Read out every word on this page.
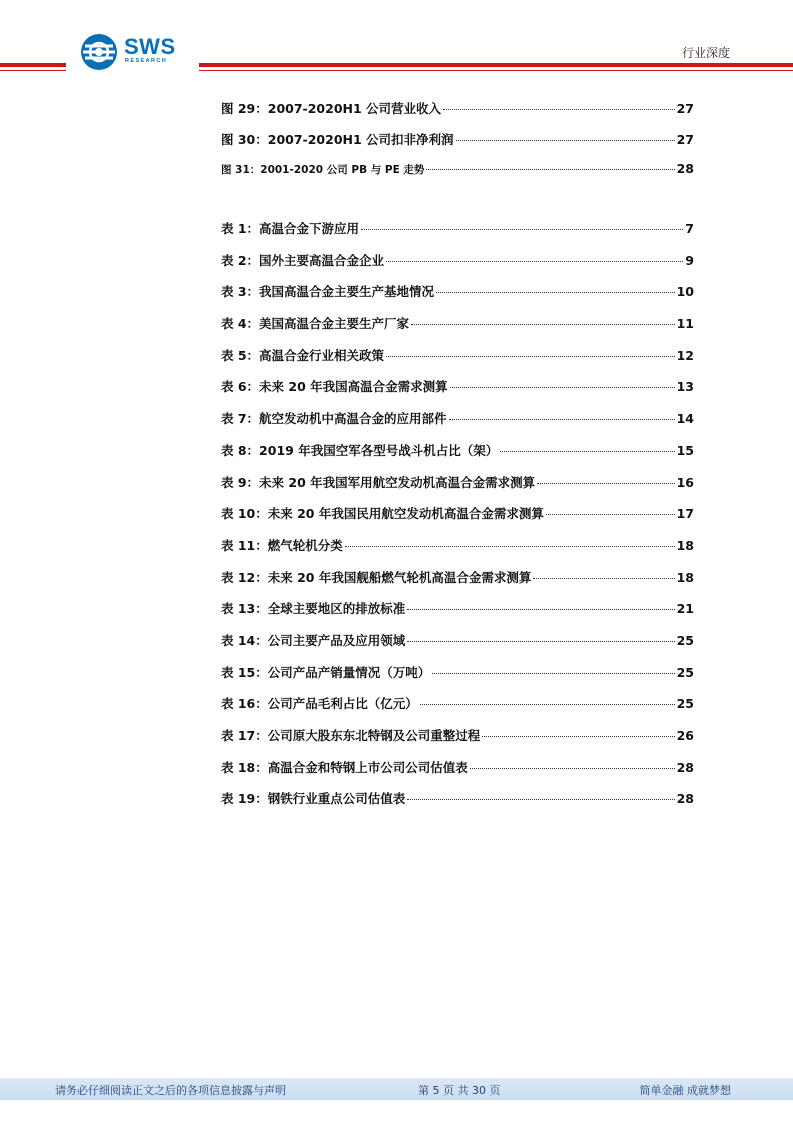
SWS
RESEARCH
行业深度
图 29：2007-2020H1 公司营业收入	27
图 30：2007-2020H1 公司扣非净利润	27
图 31：2001-2020 公司 PB 与 PE 走势	28
表 1：高温合金下游应用	7
表 2：国外主要高温合金企业	9
表 3：我国高温合金主要生产基地情况	10
表 4：美国高温合金主要生产厂家	11
表 5：高温合金行业相关政策	12
表 6：未来 20 年我国高温合金需求测算	13
表 7：航空发动机中高温合金的应用部件	14
表 8：2019 年我国空军各型号战斗机占比（架）	15
表 9：未来 20 年我国军用航空发动机高温合金需求测算	16
表 10：未来 20 年我国民用航空发动机高温合金需求测算	17
表 11：燃气轮机分类	18
表 12：未来 20 年我国舰船燃气轮机高温合金需求测算	18
表 13：全球主要地区的排放标准	21
表 14：公司主要产品及应用领域	25
表 15：公司产品产销量情况（万吨）	25
表 16：公司产品毛利占比（亿元）	25
表 17：公司原大股东东北特钢及公司重整过程	26
表 18：高温合金和特钢上市公司公司估值表	28
表 19：钢铁行业重点公司估值表	28
请务必仔细阅读正文之后的各项信息披露与声明	第 5 页 共 30 页	简单金融 成就梦想
